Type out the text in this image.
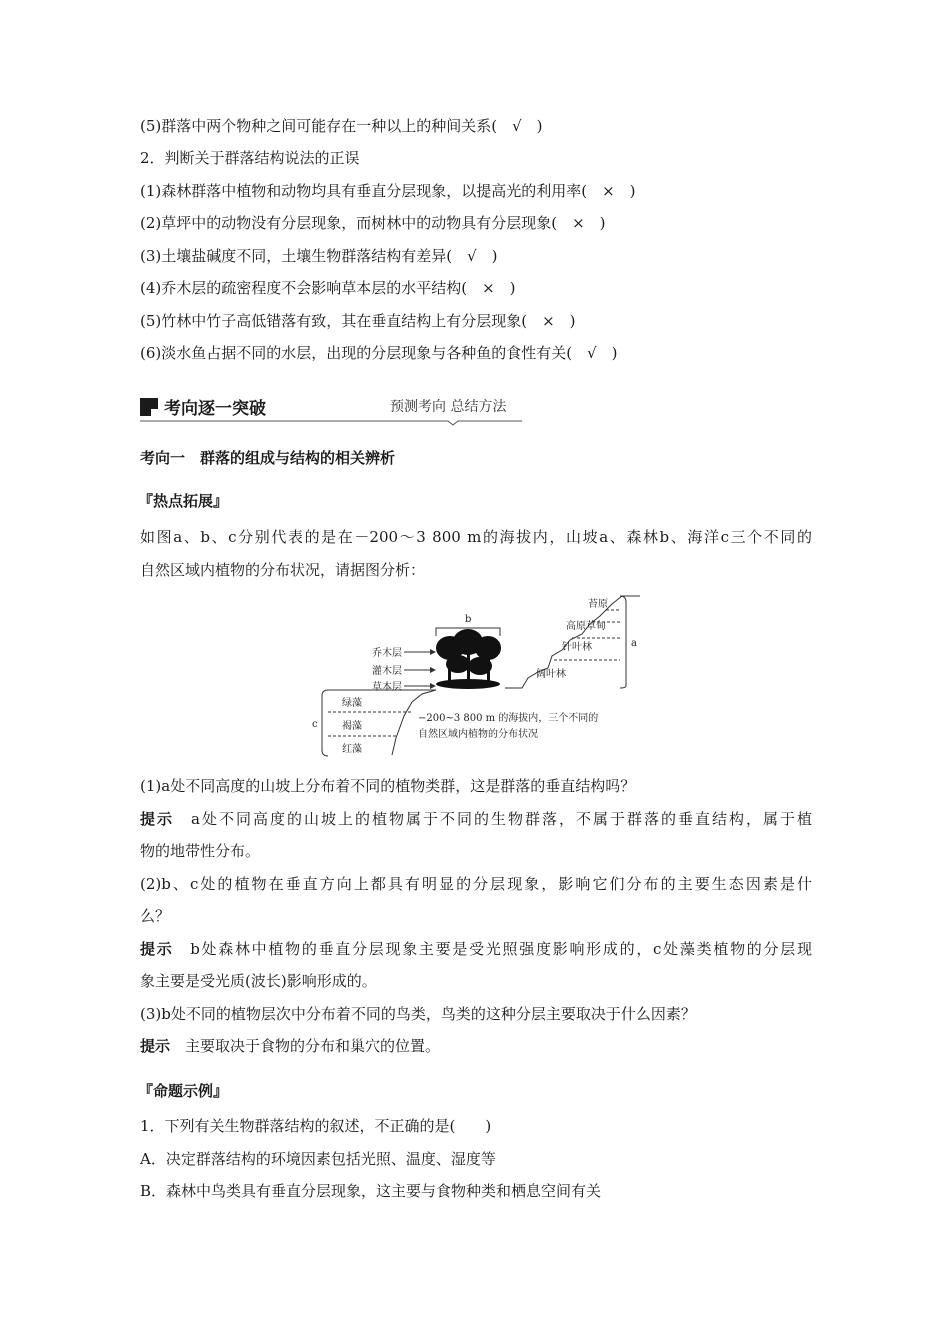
(5)群落中两个物种之间可能存在一种以上的种间关系(　√　)
2．判断关于群落结构说法的正误
(1)森林群落中植物和动物均具有垂直分层现象，以提高光的利用率(　×　)
(2)草坪中的动物没有分层现象，而树林中的动物具有分层现象(　×　)
(3)土壤盐碱度不同，土壤生物群落结构有差异(　√　)
(4)乔木层的疏密程度不会影响草本层的水平结构(　×　)
(5)竹林中竹子高低错落有致，其在垂直结构上有分层现象(　×　)
(6)淡水鱼占据不同的水层，出现的分层现象与各种鱼的食性有关(　√　)
考向逐一突破	预测考向 总结方法
考向一　群落的组成与结构的相关辨析
『热点拓展』
如图a、b、c分别代表的是在－200～3 800 m的海拔内，山坡a、森林b、海洋c三个不同的
自然区域内植物的分布状况，请据图分析：
苔原
高原草甸
针叶林
阔叶林
a
b
乔木层
灌木层
草本层
绿藻
褐藻
红藻
c
−200~3 800 m 的海拔内，三个不同的
自然区域内植物的分布状况
(1)a处不同高度的山坡上分布着不同的植物类群，这是群落的垂直结构吗？
提示　 a处不同高度的山坡上的植物属于不同的生物群落，不属于群落的垂直结构，属于植
物的地带性分布。
(2)b、c处的植物在垂直方向上都具有明显的分层现象，影响它们分布的主要生态因素是什
么？
提示　 b处森林中植物的垂直分层现象主要是受光照强度影响形成的，c处藻类植物的分层现
象主要是受光质(波长)影响形成的。
(3)b处不同的植物层次中分布着不同的鸟类，鸟类的这种分层主要取决于什么因素？
提示　 主要取决于食物的分布和巢穴的位置。
『命题示例』
1．下列有关生物群落结构的叙述，不正确的是(　　)
A．决定群落结构的环境因素包括光照、温度、湿度等
B．森林中鸟类具有垂直分层现象，这主要与食物种类和栖息空间有关
